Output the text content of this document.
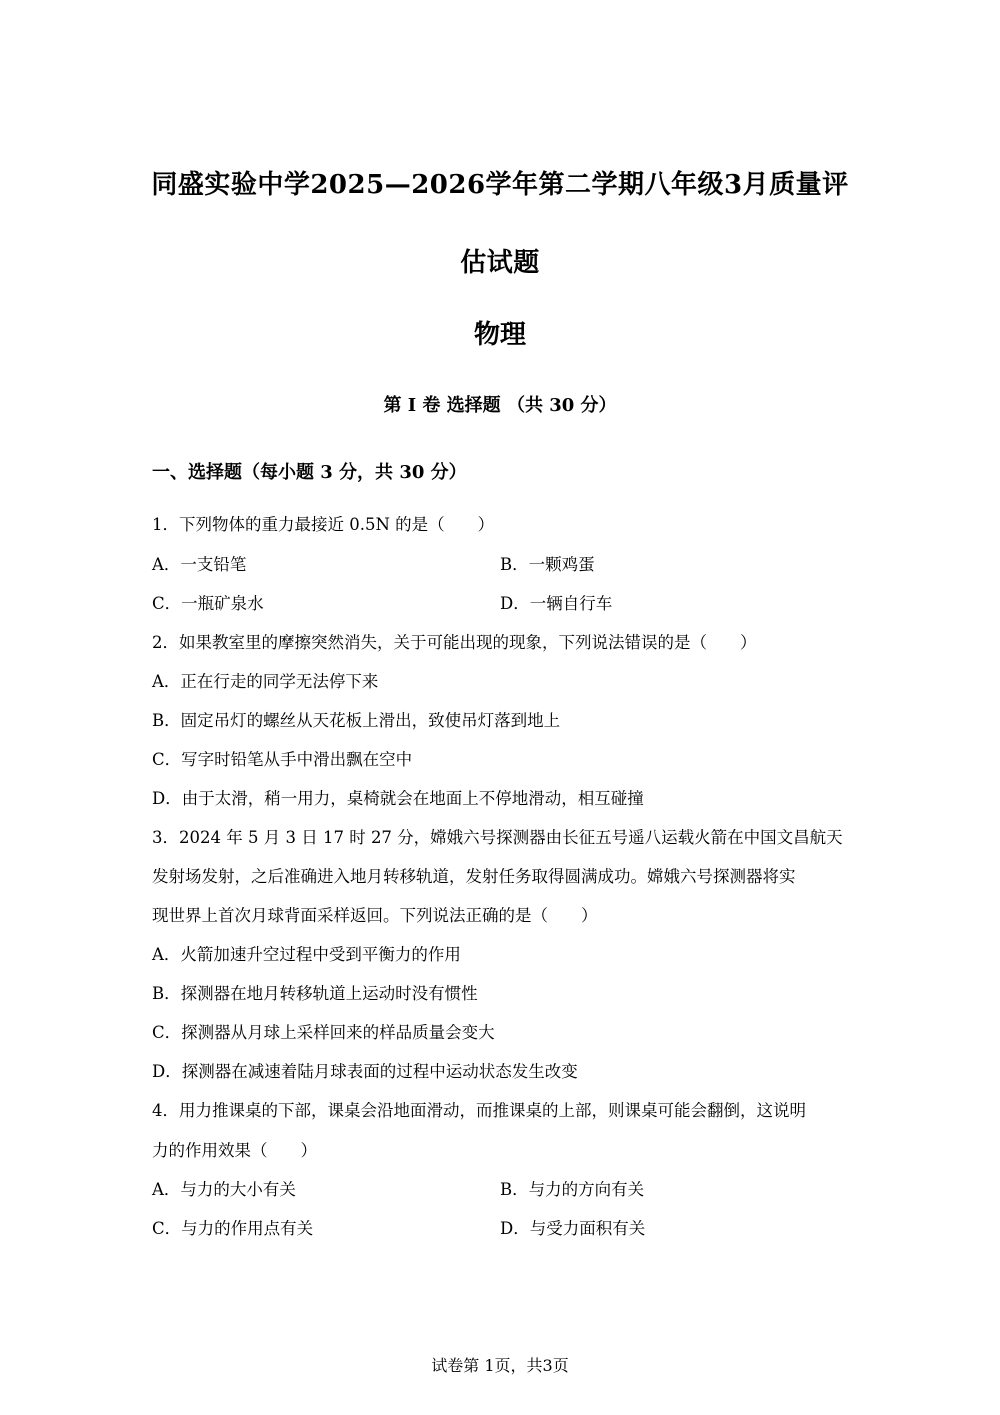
同盛实验中学2025—2026学年第二学期八年级3月质量评
估试题
物理
第 I 卷 选择题 （共 30 分）
一、选择题（每小题 3 分，共 30 分）
1．下列物体的重力最接近 0.5N 的是（　　）
A．一支铅笔	B．一颗鸡蛋
C．一瓶矿泉水	D．一辆自行车
2．如果教室里的摩擦突然消失，关于可能出现的现象，下列说法错误的是（　　）
A．正在行走的同学无法停下来
B．固定吊灯的螺丝从天花板上滑出，致使吊灯落到地上
C．写字时铅笔从手中滑出飘在空中
D．由于太滑，稍一用力，桌椅就会在地面上不停地滑动，相互碰撞
3．2024 年 5 月 3 日 17 时 27 分，嫦娥六号探测器由长征五号遥八运载火箭在中国文昌航天
发射场发射，之后准确进入地月转移轨道，发射任务取得圆满成功。嫦娥六号探测器将实
现世界上首次月球背面采样返回。下列说法正确的是（　　）
A．火箭加速升空过程中受到平衡力的作用
B．探测器在地月转移轨道上运动时没有惯性
C．探测器从月球上采样回来的样品质量会变大
D．探测器在减速着陆月球表面的过程中运动状态发生改变
4．用力推课桌的下部，课桌会沿地面滑动，而推课桌的上部，则课桌可能会翻倒，这说明
力的作用效果（　　）
A．与力的大小有关	B．与力的方向有关
C．与力的作用点有关	D．与受力面积有关
试卷第 1页，共3页
